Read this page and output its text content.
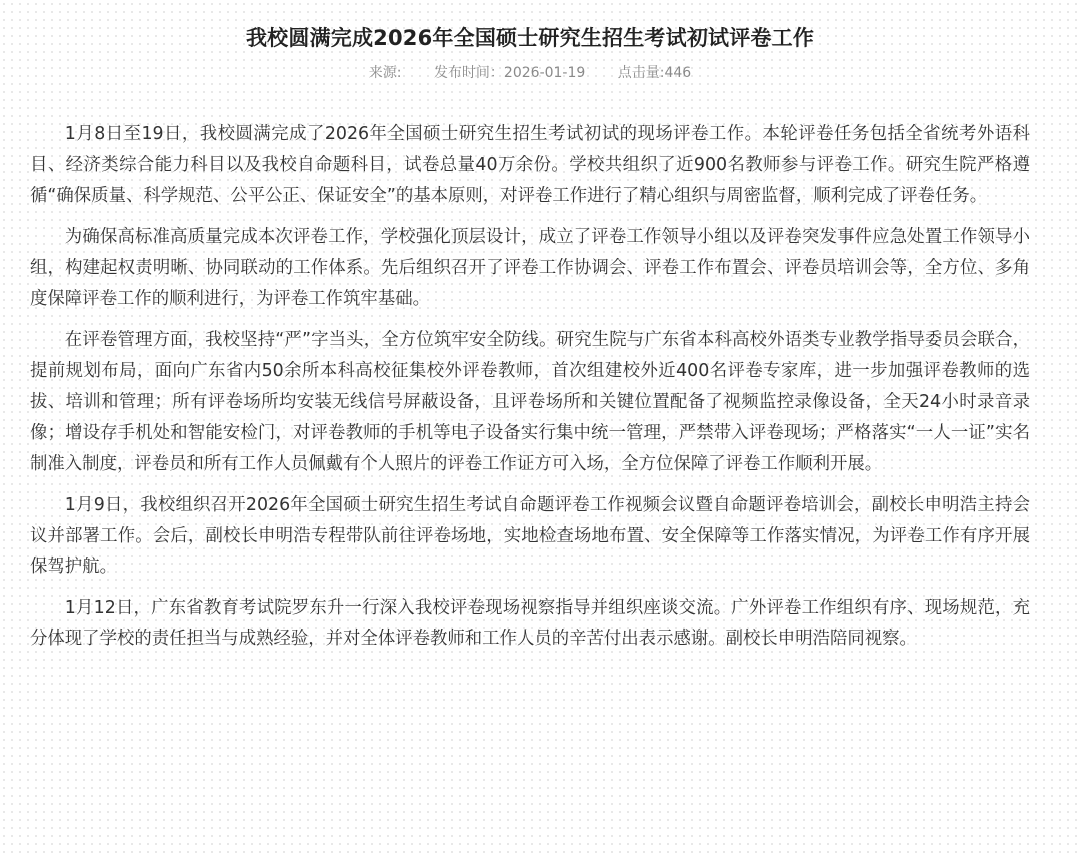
我校圆满完成2026年全国硕士研究生招生考试初试评卷工作
来源: 发布时间：2026-01-19 点击量:446

1月8日至19日，我校圆满完成了2026年全国硕士研究生招生考试初试的现场评卷工作。本轮评卷任务包括全省统考外语科目、经济类综合能力科目以及我校自命题科目，试卷总量40万余份。学校共组织了近900名教师参与评卷工作。研究生院严格遵循“确保质量、科学规范、公平公正、保证安全”的基本原则，对评卷工作进行了精心组织与周密监督，顺利完成了评卷任务。

为确保高标准高质量完成本次评卷工作，学校强化顶层设计，成立了评卷工作领导小组以及评卷突发事件应急处置工作领导小组，构建起权责明晰、协同联动的工作体系。先后组织召开了评卷工作协调会、评卷工作布置会、评卷员培训会等，全方位、多角度保障评卷工作的顺利进行，为评卷工作筑牢基础。

在评卷管理方面，我校坚持“严”字当头，全方位筑牢安全防线。研究生院与广东省本科高校外语类专业教学指导委员会联合，提前规划布局，面向广东省内50余所本科高校征集校外评卷教师，首次组建校外近400名评卷专家库，进一步加强评卷教师的选拔、培训和管理；所有评卷场所均安装无线信号屏蔽设备，且评卷场所和关键位置配备了视频监控录像设备，全天24小时录音录像；增设存手机处和智能安检门，对评卷教师的手机等电子设备实行集中统一管理，严禁带入评卷现场；严格落实“一人一证”实名制准入制度，评卷员和所有工作人员佩戴有个人照片的评卷工作证方可入场，全方位保障了评卷工作顺利开展。

1月9日，我校组织召开2026年全国硕士研究生招生考试自命题评卷工作视频会议暨自命题评卷培训会，副校长申明浩主持会议并部署工作。会后，副校长申明浩专程带队前往评卷场地，实地检查场地布置、安全保障等工作落实情况，为评卷工作有序开展保驾护航。

1月12日，广东省教育考试院罗东升一行深入我校评卷现场视察指导并组织座谈交流。广外评卷工作组织有序、现场规范，充分体现了学校的责任担当与成熟经验，并对全体评卷教师和工作人员的辛苦付出表示感谢。副校长申明浩陪同视察。
